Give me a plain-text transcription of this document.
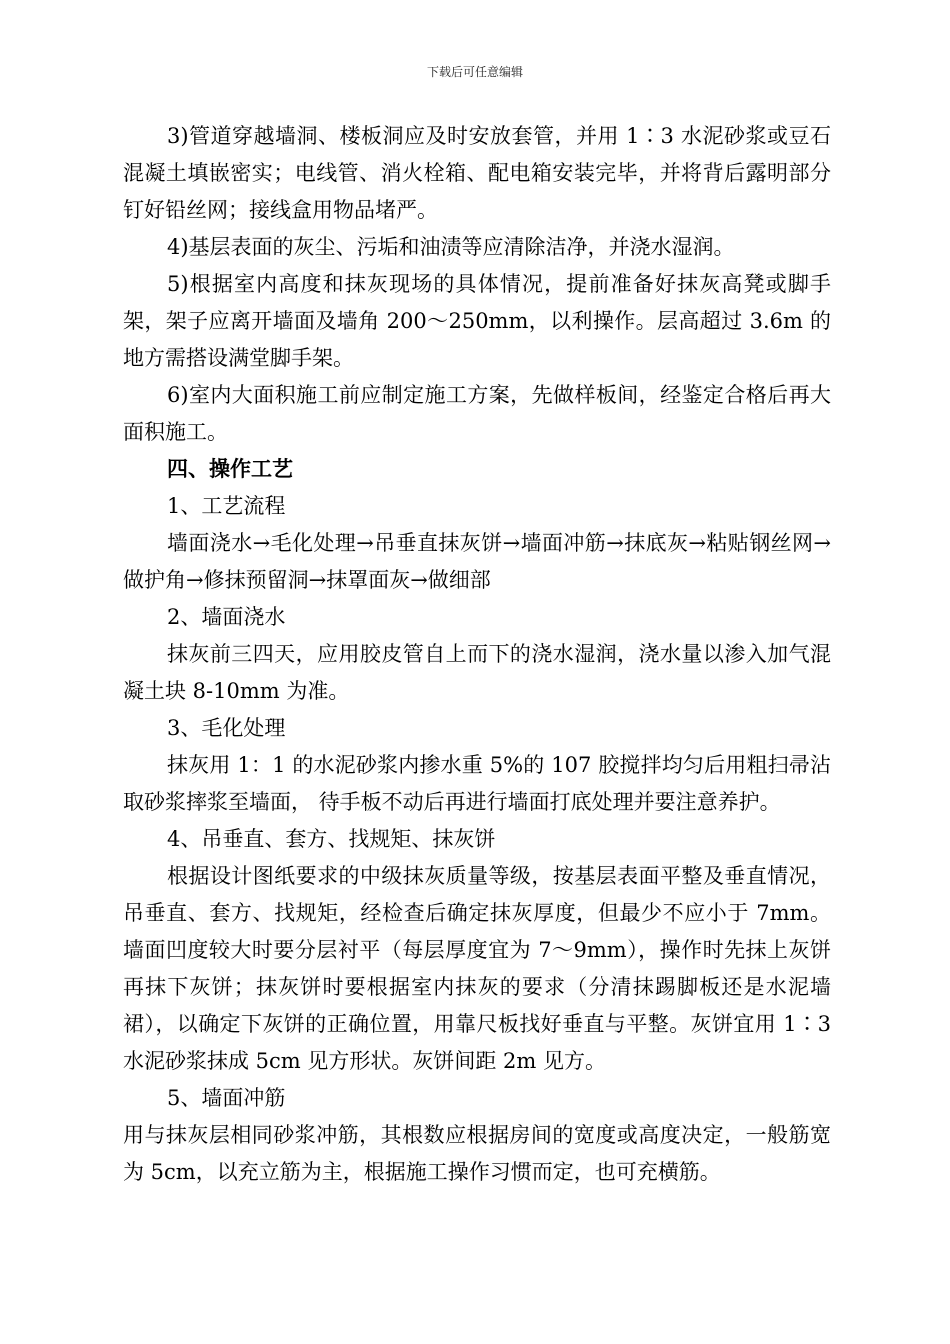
下载后可任意编辑

3)管道穿越墙洞、楼板洞应及时安放套管，并用 1∶3 水泥砂浆或豆石混凝土填嵌密实；电线管、消火栓箱、配电箱安装完毕，并将背后露明部分钉好铅丝网；接线盒用物品堵严。

4)基层表面的灰尘、污垢和油渍等应清除洁净，并浇水湿润。

5)根据室内高度和抹灰现场的具体情况，提前准备好抹灰高凳或脚手架，架子应离开墙面及墙角 200～250mm，以利操作。层高超过 3.6m 的地方需搭设满堂脚手架。

6)室内大面积施工前应制定施工方案，先做样板间，经鉴定合格后再大面积施工。

四、操作工艺

1、工艺流程

墙面浇水→毛化处理→吊垂直抹灰饼→墙面冲筋→抹底灰→粘贴钢丝网→ 做护角→修抹预留洞→抹罩面灰→做细部

2、墙面浇水

抹灰前三四天，应用胶皮管自上而下的浇水湿润，浇水量以渗入加气混凝土块 8-10mm 为准。

3、毛化处理

抹灰用 1：1 的水泥砂浆内掺水重 5%的 107 胶搅拌均匀后用粗扫帚沾取砂浆摔浆至墙面， 待手板不动后再进行墙面打底处理并要注意养护。

4、吊垂直、套方、找规矩、抹灰饼

根据设计图纸要求的中级抹灰质量等级，按基层表面平整及垂直情况，吊垂直、套方、找规矩，经检查后确定抹灰厚度，但最少不应小于 7mm。墙面凹度较大时要分层衬平（每层厚度宜为 7～9mm），操作时先抹上灰饼再抹下灰饼；抹灰饼时要根据室内抹灰的要求（分清抹踢脚板还是水泥墙裙），以确定下灰饼的正确位置，用靠尺板找好垂直与平整。灰饼宜用 1∶3 水泥砂浆抹成 5cm 见方形状。灰饼间距 2m 见方。

5、墙面冲筋

用与抹灰层相同砂浆冲筋，其根数应根据房间的宽度或高度决定，一般筋宽为 5cm，以充立筋为主，根据施工操作习惯而定，也可充横筋。
